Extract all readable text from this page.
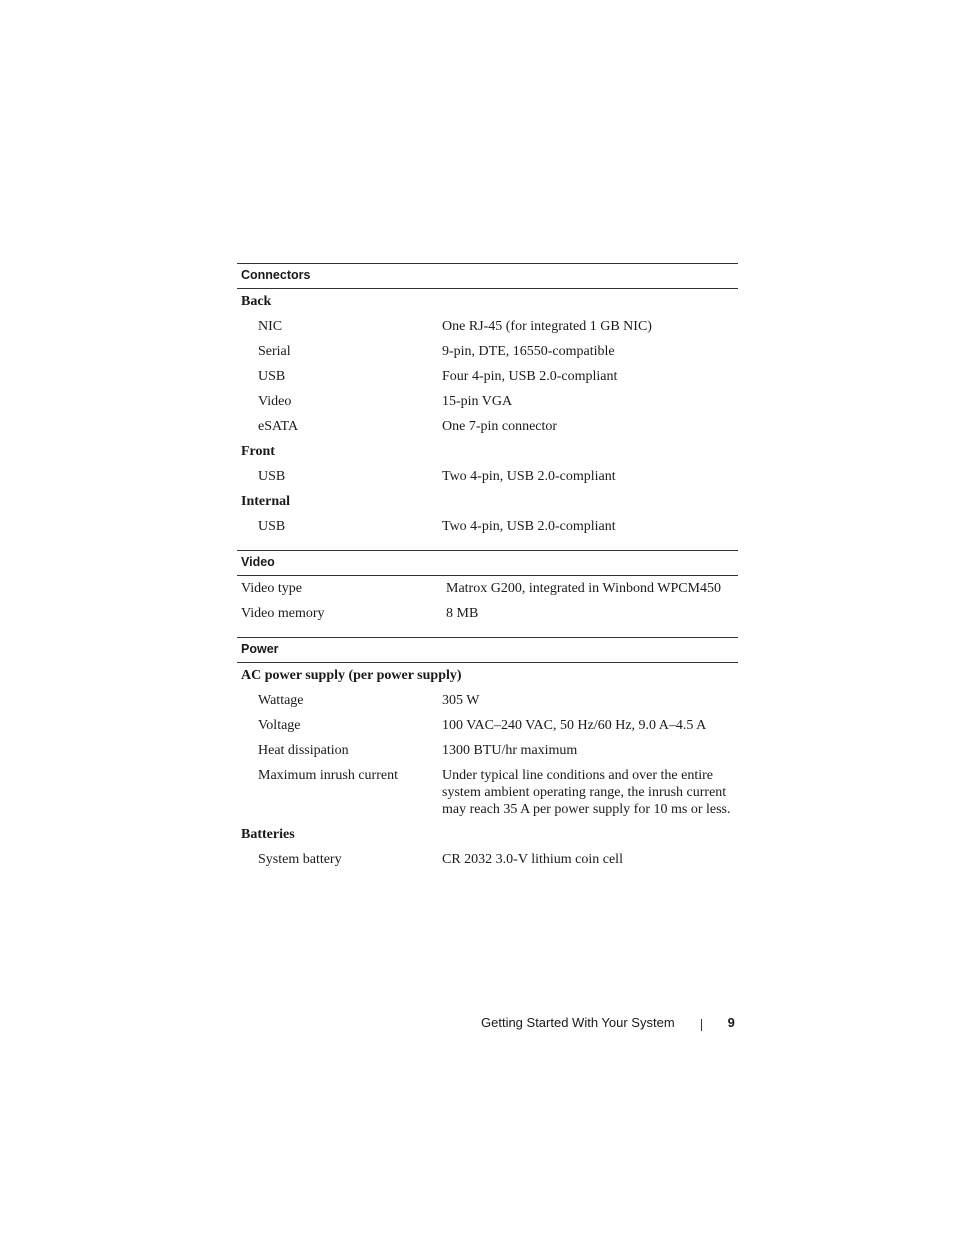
Connectors
Back
NIC	One RJ-45 (for integrated 1 GB NIC)
Serial	9-pin, DTE, 16550-compatible
USB	Four 4-pin, USB 2.0-compliant
Video	15-pin VGA
eSATA	One 7-pin connector
Front
USB	Two 4-pin, USB 2.0-compliant
Internal
USB	Two 4-pin, USB 2.0-compliant
Video
Video type	Matrox G200, integrated in Winbond WPCM450
Video memory	8 MB
Power
AC power supply (per power supply)
Wattage	305 W
Voltage	100 VAC–240 VAC, 50 Hz/60 Hz, 9.0 A–4.5 A
Heat dissipation	1300 BTU/hr maximum
Maximum inrush current	Under typical line conditions and over the entire system ambient operating range, the inrush current may reach 35 A per power supply for 10 ms or less.
Batteries
System battery	CR 2032 3.0-V lithium coin cell
Getting Started With Your System	9
